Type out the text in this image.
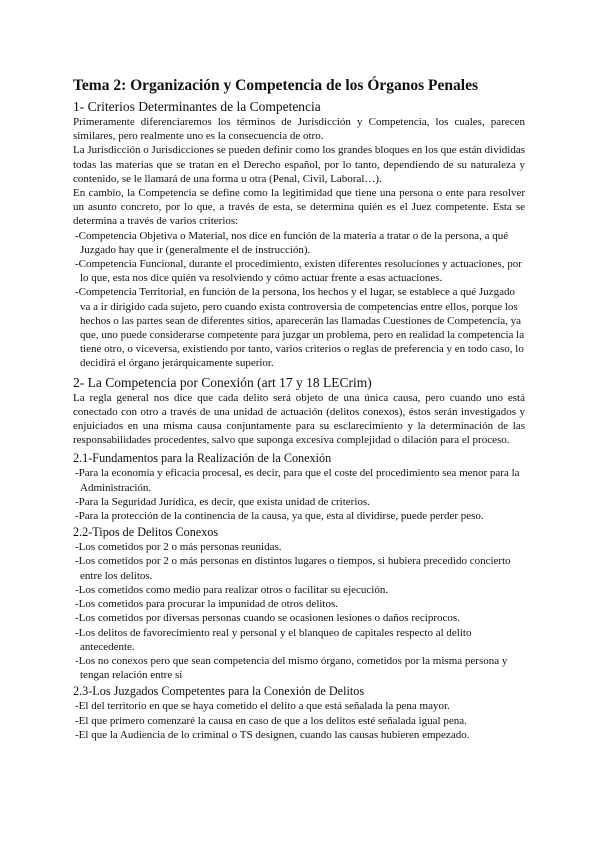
Tema 2: Organización y Competencia de los Órganos Penales
1- Criterios Determinantes de la Competencia

Primeramente diferenciaremos los términos de Jurisdicción y Competencia, los cuales, parecen similares, pero realmente uno es la consecuencia de otro.

La Jurisdicción o Jurisdicciones se pueden definir como los grandes bloques en los que están divididas todas las materias que se tratan en el Derecho español, por lo tanto, dependiendo de su naturaleza y contenido, se le llamará de una forma u otra (Penal, Civil, Laboral…).

En cambio, la Competencia se define como la legitimidad que tiene una persona o ente para resolver un asunto concreto, por lo que, a través de esta, se determina quién es el Juez competente. Esta se determina a través de varios criterios:

-Competencia Objetiva o Material, nos dice en función de la materia a tratar o de la persona, a qué Juzgado hay que ir (generalmente el de instrucción).
-Competencia Funcional, durante el procedimiento, existen diferentes resoluciones y actuaciones, por lo que, esta nos dice quién va resolviendo y cómo actuar frente a esas actuaciones.
-Competencia Territorial, en función de la persona, los hechos y el lugar, se establece a qué Juzgado va a ir dirigido cada sujeto, pero cuando exista controversia de competencias entre ellos, porque los hechos o las partes sean de diferentes sitios, aparecerán las llamadas Cuestiones de Competencia, ya que, uno puede considerarse competente para juzgar un problema, pero en realidad la competencia la tiene otro, o viceversa, existiendo por tanto, varios criterios o reglas de preferencia y en todo caso, lo decidirá el órgano jerárquicamente superior.
2- La Competencia por Conexión (art 17 y 18 LECrim)

La regla general nos dice que cada delito será objeto de una única causa, pero cuando uno está conectado con otro a través de una unidad de actuación (delitos conexos), éstos serán investigados y enjuiciados en una misma causa conjuntamente para su esclarecimiento y la determinación de las responsabilidades procedentes, salvo que suponga excesiva complejidad o dilación para el proceso.

2.1-Fundamentos para la Realización de la Conexión
-Para la economía y eficacia procesal, es decir, para que el coste del procedimiento sea menor para la Administración.
-Para la Seguridad Jurídica, es decir, que exista unidad de criterios.
-Para la protección de la continencia de la causa, ya que, esta al dividirse, puede perder peso.
2.2-Tipos de Delitos Conexos
-Los cometidos por 2 o más personas reunidas.
-Los cometidos por 2 o más personas en distintos lugares o tiempos, si hubiera precedido concierto entre los delitos.
-Los cometidos como medio para realizar otros o facilitar su ejecución.
-Los cometidos para procurar la impunidad de otros delitos.
-Los cometidos por diversas personas cuando se ocasionen lesiones o daños recíprocos.
-Los delitos de favorecimiento real y personal y el blanqueo de capitales respecto al delito antecedente.
-Los no conexos pero que sean competencia del mismo órgano, cometidos por la misma persona y tengan relación entre sí
2.3-Los Juzgados Competentes para la Conexión de Delitos
-El del territorio en que se haya cometido el delito a que está señalada la pena mayor.
-El que primero comenzaré la causa en caso de que a los delitos esté señalada igual pena.
-El que la Audiencia de lo criminal o TS designen, cuando las causas hubieren empezado.
